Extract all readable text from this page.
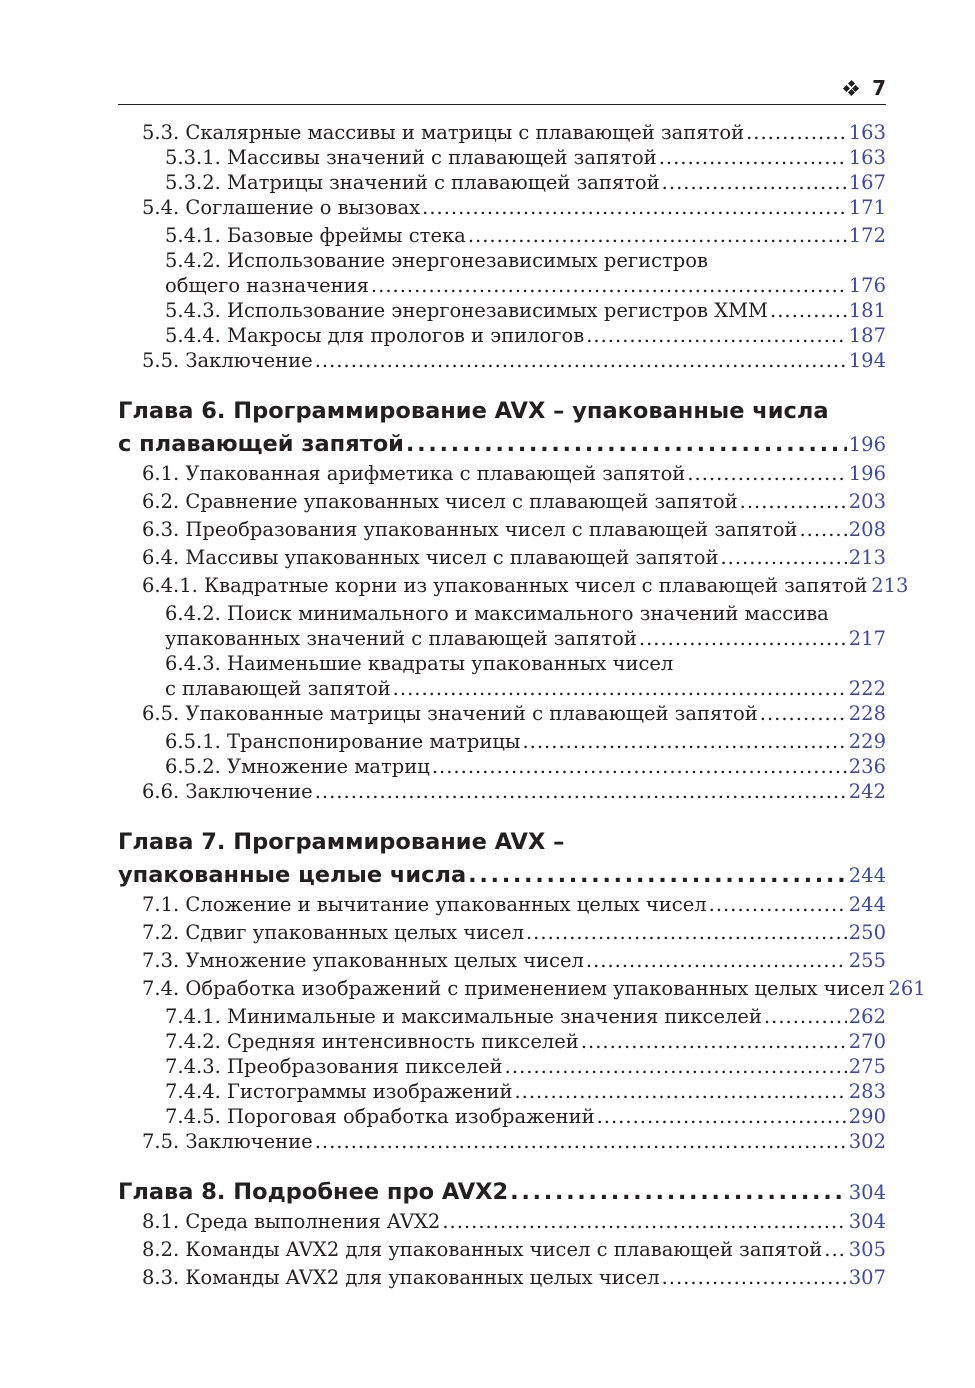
7
5.3. Скалярные массивы и матрицы с плавающей запятой . . .	163
5.3.1. Массивы значений с плавающей запятой . . .	163
5.3.2. Матрицы значений с плавающей запятой . . .	167
5.4. Соглашение о вызовах . . .	171
5.4.1. Базовые фреймы стека . . .	172
5.4.2. Использование энергонезависимых регистров
общего назначения . . .	176
5.4.3. Использование энергонезависимых регистров XMM . . .	181
5.4.4. Макросы для прологов и эпилогов . . .	187
5.5. Заключение . . .	194
Глава 6. Программирование AVX – упакованные числа
с плавающей запятой . . .	196
6.1. Упакованная арифметика с плавающей запятой . . .	196
6.2. Сравнение упакованных чисел с плавающей запятой . . .	203
6.3. Преобразования упакованных чисел с плавающей запятой . . .	208
6.4. Массивы упакованных чисел с плавающей запятой . . .	213
6.4.1. Квадратные корни из упакованных чисел с плавающей запятой 213
6.4.2. Поиск минимального и максимального значений массива
упакованных значений с плавающей запятой . . .	217
6.4.3. Наименьшие квадраты упакованных чисел
с плавающей запятой . . .	222
6.5. Упакованные матрицы значений с плавающей запятой . . .	228
6.5.1. Транспонирование матрицы . . .	229
6.5.2. Умножение матриц . . .	236
6.6. Заключение . . .	242
Глава 7. Программирование AVX –
упакованные целые числа . . .	244
7.1. Сложение и вычитание упакованных целых чисел . . .	244
7.2. Сдвиг упакованных целых чисел . . .	250
7.3. Умножение упакованных целых чисел . . .	255
7.4. Обработка изображений с применением упакованных целых чисел 261
7.4.1. Минимальные и максимальные значения пикселей . . .	262
7.4.2. Средняя интенсивность пикселей . . .	270
7.4.3. Преобразования пикселей . . .	275
7.4.4. Гистограммы изображений . . .	283
7.4.5. Пороговая обработка изображений . . .	290
7.5. Заключение . . .	302
Глава 8. Подробнее про AVX2 . . .	304
8.1. Среда выполнения AVX2 . . .	304
8.2. Команды AVX2 для упакованных чисел с плавающей запятой . . . 305
8.3. Команды AVX2 для упакованных целых чисел . . .	307
